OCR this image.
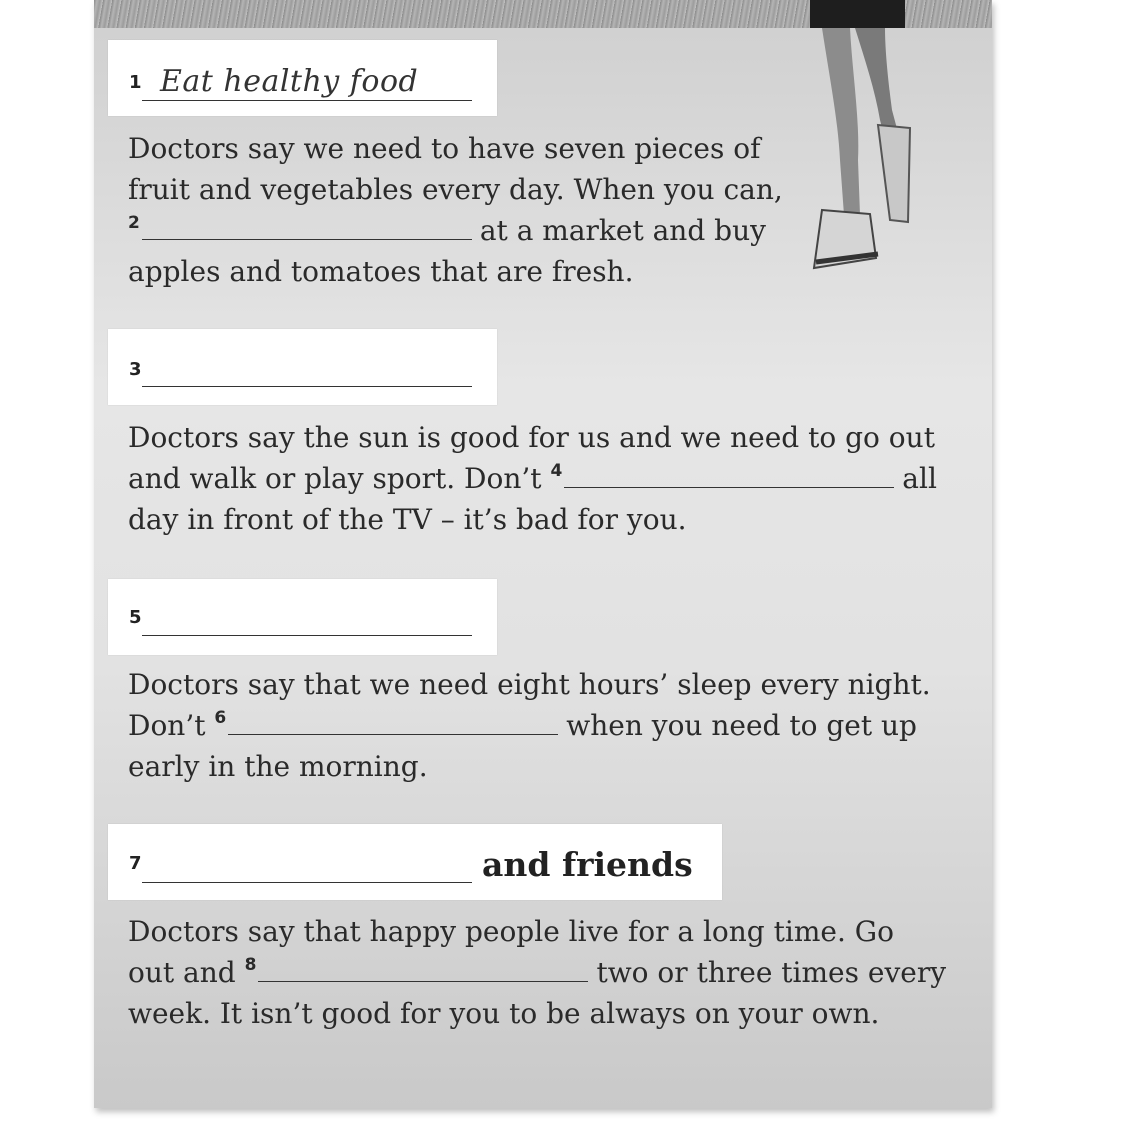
1 Eat healthy food
Doctors say we need to have seven pieces of
fruit and vegetables every day. When you can,
$^2$	at a market and buy
apples and tomatoes that are fresh.
3
Doctors say the sun is good for us and we need to go out
and walk or play sport. Don’t $^4$	all
day in front of the TV – it’s bad for you.
5
Doctors say that we need eight hours’ sleep every night.
Don’t $^6$	when you need to get up
early in the morning.
7	and friends
Doctors say that happy people live for a long time. Go
out and $^8$	two or three times every
week. It isn’t good for you to be always on your own.
